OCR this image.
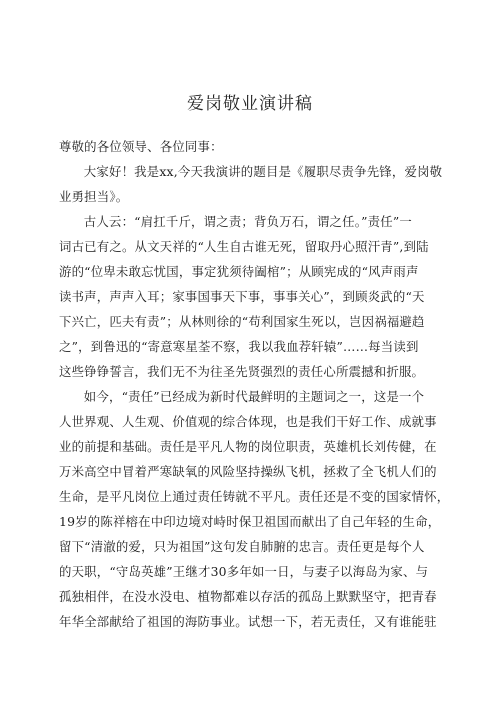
爱岗敬业演讲稿
尊敬的各位领导、各位同事：
大家好！我是xx,今天我演讲的题目是《履职尽责争先锋，爱岗敬
业勇担当》。
古人云：“肩扛千斤，谓之责；背负万石，谓之任。”责任”一
词古已有之。从文天祥的“人生自古谁无死，留取丹心照汗青”,到陆
游的“位卑未敢忘忧国，事定犹须待阖棺”；从顾宪成的“风声雨声
读书声，声声入耳；家事国事天下事，事事关心”，到顾炎武的“天
下兴亡，匹夫有责”；从林则徐的“苟利国家生死以，岂因祸福避趋
之”，到鲁迅的“寄意寒星荃不察，我以我血荐轩辕”……每当读到
这些铮铮誓言，我们无不为往圣先贤强烈的责任心所震撼和折服。
如今，“责任”已经成为新时代最鲜明的主题词之一，这是一个
人世界观、人生观、价值观的综合体现，也是我们干好工作、成就事
业的前提和基础。责任是平凡人物的岗位职责，英雄机长刘传健，在
万米高空中冒着严寒缺氧的风险坚持操纵飞机，拯救了全飞机人们的
生命，是平凡岗位上通过责任铸就不平凡。责任还是不变的国家情怀，
19岁的陈祥榕在中印边境对峙时保卫祖国而献出了自己年轻的生命，
留下“清澈的爱，只为祖国”这句发自肺腑的忠言。责任更是每个人
的天职，“守岛英雄”王继才30多年如一日，与妻子以海岛为家、与
孤独相伴，在没水没电、植物都难以存活的孤岛上默默坚守，把青春
年华全部献给了祖国的海防事业。试想一下，若无责任，又有谁能驻
